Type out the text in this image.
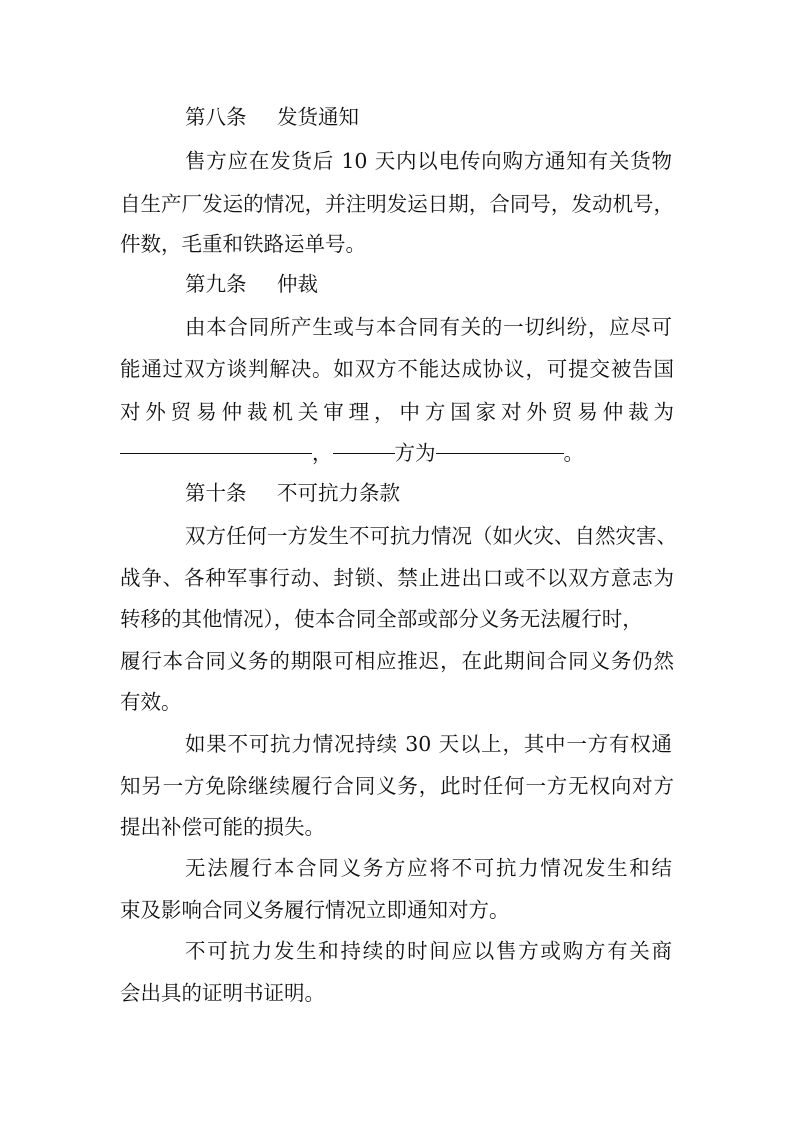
第八条 发货通知
售方应在发货后 10 天内以电传向购方通知有关货物
自生产厂发运的情况，并注明发运日期，合同号，发动机号，
件数，毛重和铁路运单号。
第九条 仲裁
由本合同所产生或与本合同有关的一切纠纷，应尽可
能通过双方谈判解决。如双方不能达成协议，可提交被告国
对外贸易仲裁机关审理，中方国家对外贸易仲裁为
，	方为	。
第十条 不可抗力条款
双方任何一方发生不可抗力情况（如火灾、自然灾害、
战争、各种军事行动、封锁、禁止进出口或不以双方意志为
转移的其他情况），使本合同全部或部分义务无法履行时，
履行本合同义务的期限可相应推迟，在此期间合同义务仍然
有效。
如果不可抗力情况持续 30 天以上，其中一方有权通
知另一方免除继续履行合同义务，此时任何一方无权向对方
提出补偿可能的损失。
无法履行本合同义务方应将不可抗力情况发生和结
束及影响合同义务履行情况立即通知对方。
不可抗力发生和持续的时间应以售方或购方有关商
会出具的证明书证明。
